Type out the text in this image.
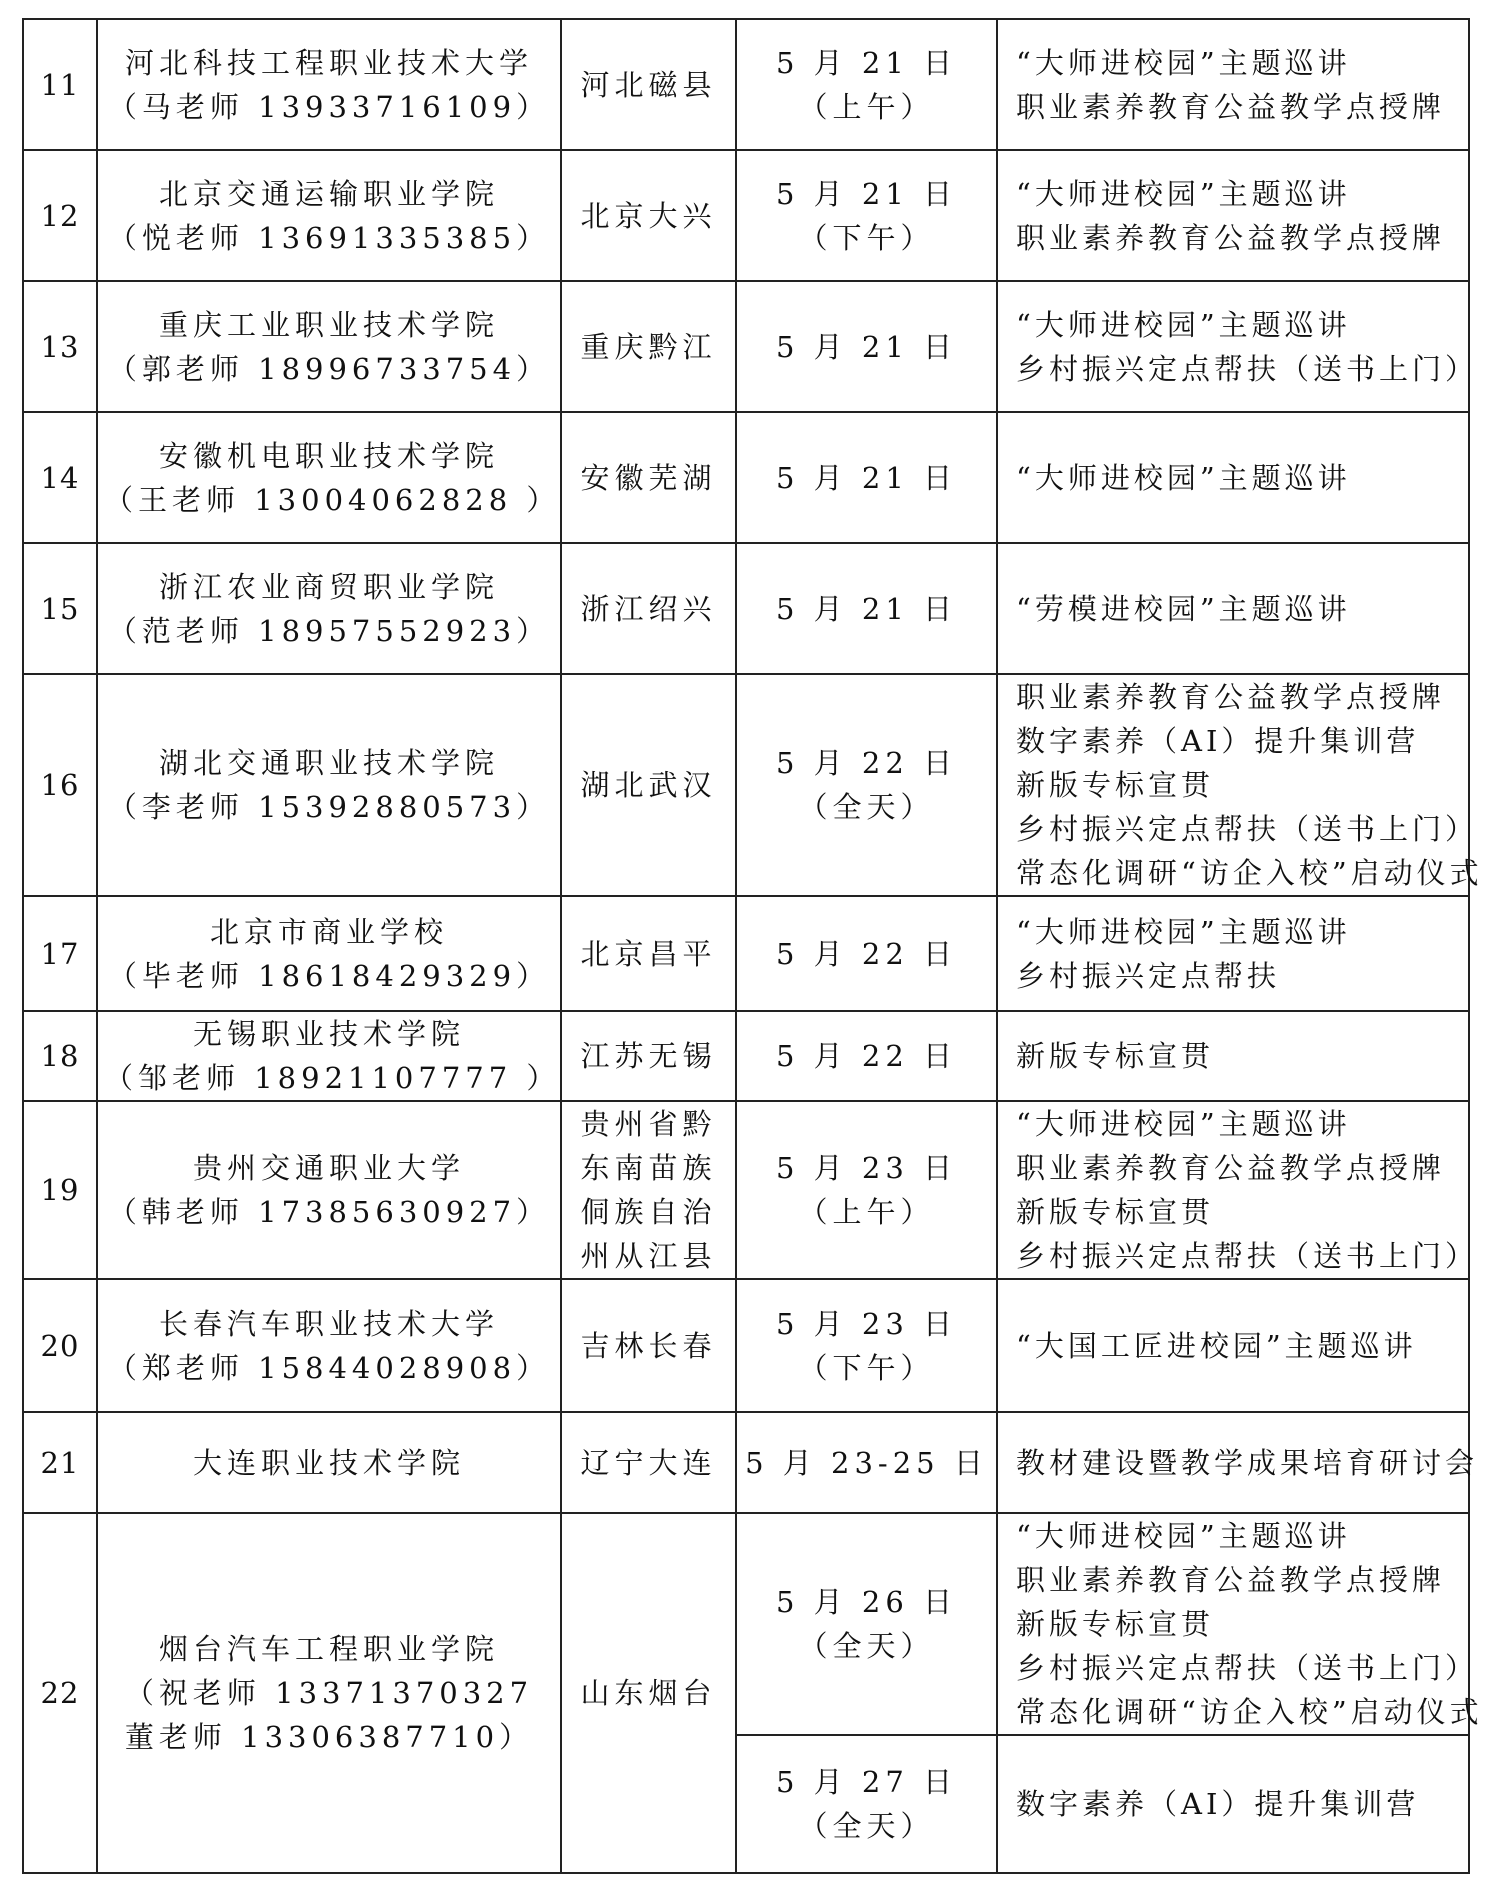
11	河北科技工程职业技术大学
（马老师 13933716109）	河北磁县	5 月 21 日
（上午）	“大师进校园”主题巡讲
职业素养教育公益教学点授牌

12	北京交通运输职业学院
（悦老师 13691335385）	北京大兴	5 月 21 日
（下午）	“大师进校园”主题巡讲
职业素养教育公益教学点授牌

13	重庆工业职业技术学院
（郭老师 18996733754）	重庆黔江	5 月 21 日	“大师进校园”主题巡讲
乡村振兴定点帮扶（送书上门）

14	安徽机电职业技术学院
（王老师 13004062828 ）	安徽芜湖	5 月 21 日	“大师进校园”主题巡讲

15	浙江农业商贸职业学院
（范老师 18957552923）	浙江绍兴	5 月 21 日	“劳模进校园”主题巡讲

16	湖北交通职业技术学院
（李老师 15392880573）	湖北武汉	5 月 22 日
（全天）	职业素养教育公益教学点授牌
数字素养（AI）提升集训营
新版专标宣贯
乡村振兴定点帮扶（送书上门）
常态化调研“访企入校”启动仪式

17	北京市商业学校
（毕老师 18618429329）	北京昌平	5 月 22 日	“大师进校园”主题巡讲
乡村振兴定点帮扶

18	无锡职业技术学院
（邹老师 18921107777 ）	江苏无锡	5 月 22 日	新版专标宣贯

19	贵州交通职业大学
（韩老师 17385630927）	贵州省黔
东南苗族
侗族自治
州从江县	5 月 23 日
（上午）	“大师进校园”主题巡讲
职业素养教育公益教学点授牌
新版专标宣贯
乡村振兴定点帮扶（送书上门）

20	长春汽车职业技术大学
（郑老师 15844028908）	吉林长春	5 月 23 日
（下午）	“大国工匠进校园”主题巡讲

21	大连职业技术学院	辽宁大连	5 月 23-25 日	教材建设暨教学成果培育研讨会

22	烟台汽车工程职业学院
（祝老师 13371370327
董老师 13306387710）	山东烟台	5 月 26 日
（全天）	“大师进校园”主题巡讲
职业素养教育公益教学点授牌
新版专标宣贯
乡村振兴定点帮扶（送书上门）
常态化调研“访企入校”启动仪式

			5 月 27 日
（全天）	数字素养（AI）提升集训营
